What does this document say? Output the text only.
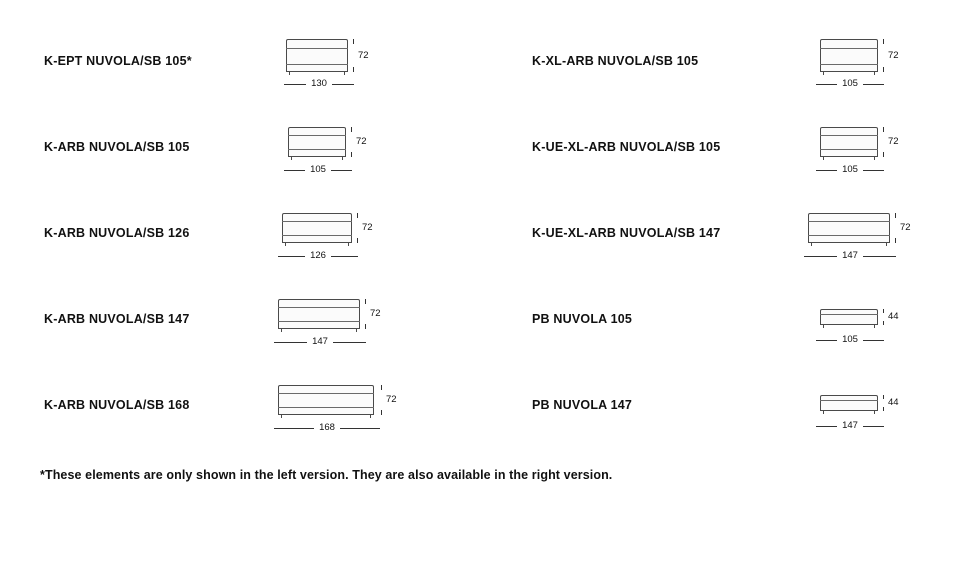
K-EPT NUVOLA/SB 105*	72
130
K-ARB NUVOLA/SB 105	72
105
K-ARB NUVOLA/SB 126	72
126
K-ARB NUVOLA/SB 147	72
147
K-ARB NUVOLA/SB 168	72
168
K-XL-ARB NUVOLA/SB 105	72
105
K-UE-XL-ARB NUVOLA/SB 105	72
105
K-UE-XL-ARB NUVOLA/SB 147	72
147
PB NUVOLA 105	44
105
PB NUVOLA 147	44
147
*These elements are only shown in the left version. They are also available in the right version.
